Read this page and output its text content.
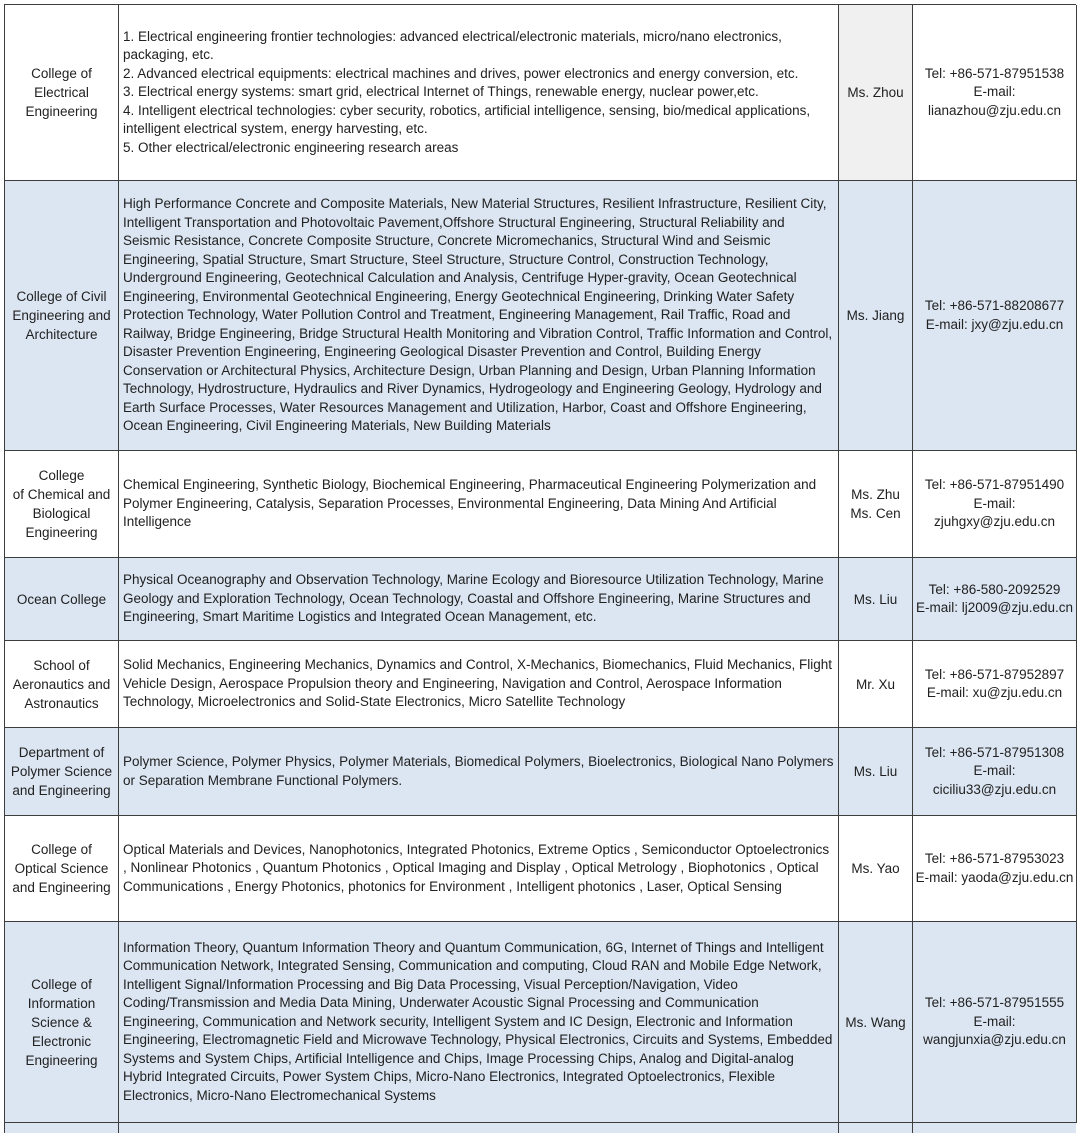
College of
Electrical
Engineering
1. Electrical engineering frontier technologies: advanced electrical/electronic materials, micro/nano electronics, packaging, etc.
2. Advanced electrical equipments: electrical machines and drives, power electronics and energy conversion, etc.
3. Electrical energy systems: smart grid, electrical Internet of Things, renewable energy, nuclear power,etc.
4. Intelligent electrical technologies: cyber security, robotics, artificial intelligence, sensing, bio/medical applications, intelligent electrical system, energy harvesting, etc.
5. Other electrical/electronic engineering research areas
Ms. Zhou
Tel: +86-571-87951538
E-mail:
lianazhou@zju.edu.cn
College of Civil
Engineering and
Architecture
High Performance Concrete and Composite Materials, New Material Structures, Resilient Infrastructure, Resilient City, Intelligent Transportation and Photovoltaic Pavement,Offshore Structural Engineering, Structural Reliability and Seismic Resistance, Concrete Composite Structure, Concrete Micromechanics, Structural Wind and Seismic Engineering, Spatial Structure, Smart Structure, Steel Structure, Structure Control, Construction Technology, Underground Engineering, Geotechnical Calculation and Analysis, Centrifuge Hyper-gravity, Ocean Geotechnical Engineering, Environmental Geotechnical Engineering, Energy Geotechnical Engineering, Drinking Water Safety Protection Technology, Water Pollution Control and Treatment, Engineering Management, Rail Traffic, Road and Railway, Bridge Engineering, Bridge Structural Health Monitoring and Vibration Control, Traffic Information and Control, Disaster Prevention Engineering, Engineering Geological Disaster Prevention and Control, Building Energy Conservation or Architectural Physics, Architecture Design, Urban Planning and Design, Urban Planning Information Technology, Hydrostructure, Hydraulics and River Dynamics, Hydrogeology and Engineering Geology, Hydrology and Earth Surface Processes, Water Resources Management and Utilization, Harbor, Coast and Offshore Engineering, Ocean Engineering, Civil Engineering Materials, New Building Materials
Ms. Jiang
Tel: +86-571-88208677
E-mail: jxy@zju.edu.cn
College
of Chemical and
Biological
Engineering
Chemical Engineering, Synthetic Biology, Biochemical Engineering, Pharmaceutical Engineering Polymerization and Polymer Engineering, Catalysis, Separation Processes, Environmental Engineering, Data Mining And Artificial Intelligence
Ms. Zhu
Ms. Cen
Tel: +86-571-87951490
E-mail:
zjuhgxy@zju.edu.cn
Ocean College
Physical Oceanography and Observation Technology, Marine Ecology and Bioresource Utilization Technology, Marine Geology and Exploration Technology, Ocean Technology, Coastal and Offshore Engineering, Marine Structures and Engineering, Smart Maritime Logistics and Integrated Ocean Management, etc.
Ms. Liu
Tel: +86-580-2092529
E-mail: lj2009@zju.edu.cn
School of
Aeronautics and
Astronautics
Solid Mechanics, Engineering Mechanics, Dynamics and Control, X-Mechanics, Biomechanics, Fluid Mechanics, Flight Vehicle Design, Aerospace Propulsion theory and Engineering, Navigation and Control, Aerospace Information Technology, Microelectronics and Solid-State Electronics, Micro Satellite Technology
Mr. Xu
Tel: +86-571-87952897
E-mail: xu@zju.edu.cn
Department of
Polymer Science
and Engineering
Polymer Science, Polymer Physics, Polymer Materials, Biomedical Polymers, Bioelectronics, Biological Nano Polymers or Separation Membrane Functional Polymers.
Ms. Liu
Tel: +86-571-87951308
E-mail:
ciciliu33@zju.edu.cn
College of
Optical Science
and Engineering
Optical Materials and Devices, Nanophotonics, Integrated Photonics, Extreme Optics , Semiconductor Optoelectronics , Nonlinear Photonics , Quantum Photonics , Optical Imaging and Display , Optical Metrology , Biophotonics , Optical Communications , Energy Photonics, photonics for Environment , Intelligent photonics , Laser, Optical Sensing
Ms. Yao
Tel: +86-571-87953023
E-mail: yaoda@zju.edu.cn
College of
Information
Science &
Electronic
Engineering
Information Theory, Quantum Information Theory and Quantum Communication, 6G, Internet of Things and Intelligent Communication Network, Integrated Sensing, Communication and computing, Cloud RAN and Mobile Edge Network, Intelligent Signal/Information Processing and Big Data Processing, Visual Perception/Navigation, Video Coding/Transmission and Media Data Mining, Underwater Acoustic Signal Processing and Communication Engineering, Communication and Network security, Intelligent System and IC Design, Electronic and Information Engineering, Electromagnetic Field and Microwave Technology, Physical Electronics, Circuits and Systems, Embedded Systems and System Chips, Artificial Intelligence and Chips, Image Processing Chips, Analog and Digital-analog Hybrid Integrated Circuits, Power System Chips, Micro-Nano Electronics, Integrated Optoelectronics, Flexible Electronics, Micro-Nano Electromechanical Systems
Ms. Wang
Tel: +86-571-87951555
E-mail:
wangjunxia@zju.edu.cn
